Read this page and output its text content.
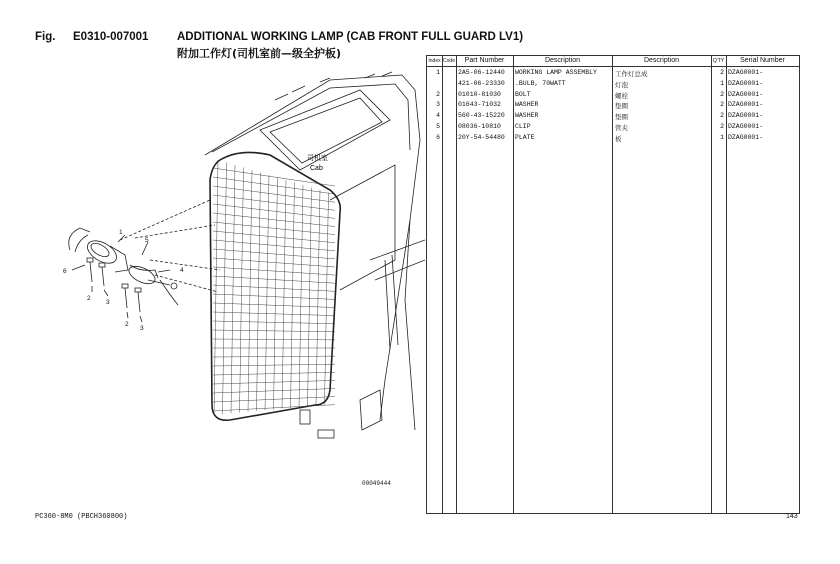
Fig. E0310-007001 ADDITIONAL WORKING LAMP (CAB FRONT FULL GUARD LV1)
附加工作灯(司机室前—级全护板)
司机室
Cab
6
1
5
4
2
3
2
3
00049444
Index Code	Part Number	Description	Description	Q'TY	Serial Number
1	2A5-06-12440 WORKING LAMP ASSEMBLY	工作灯总成	2 DZAG0001-
421-06-23330 .BULB, 70WATT	灯泡	1 DZAG0001-
2	01010-81030 BOLT	螺栓	2 DZAG0001-
3	01643-71032 WASHER	垫圈	2 DZAG0001-
4	560-43-15220 WASHER	垫圈	2 DZAG0001-
5	08036-10810 CLIP	管夹	2 DZAG0001-
6	20Y-54-54480 PLATE	板	1 DZAG0001-
PC360-8M0 (PBCH360800)	143
